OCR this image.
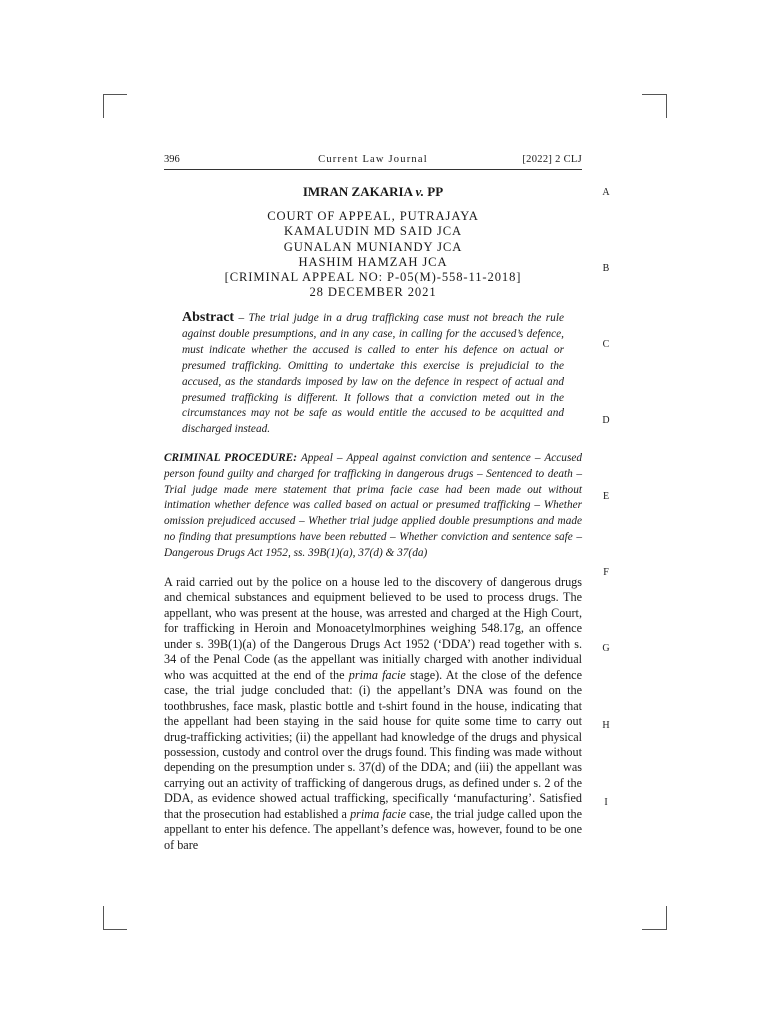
396	Current Law Journal	[2022] 2 CLJ
A
B
C
D
E
F
G
H
I
IMRAN ZAKARIA v. PP
COURT OF APPEAL, PUTRAJAYA
KAMALUDIN MD SAID JCA
GUNALAN MUNIANDY JCA
HASHIM HAMZAH JCA
[CRIMINAL APPEAL NO: P-05(M)-558-11-2018]
28 DECEMBER 2021
Abstract – The trial judge in a drug trafficking case must not breach the rule against double presumptions, and in any case, in calling for the accused’s defence, must indicate whether the accused is called to enter his defence on actual or presumed trafficking. Omitting to undertake this exercise is prejudicial to the accused, as the standards imposed by law on the defence in respect of actual and presumed trafficking is different. It follows that a conviction meted out in the circumstances may not be safe as would entitle the accused to be acquitted and discharged instead.
CRIMINAL PROCEDURE: Appeal – Appeal against conviction and sentence – Accused person found guilty and charged for trafficking in dangerous drugs – Sentenced to death – Trial judge made mere statement that prima facie case had been made out without intimation whether defence was called based on actual or presumed trafficking – Whether omission prejudiced accused – Whether trial judge applied double presumptions and made no finding that presumptions have been rebutted – Whether conviction and sentence safe – Dangerous Drugs Act 1952, ss. 39B(1)(a), 37(d) & 37(da)
A raid carried out by the police on a house led to the discovery of dangerous drugs and chemical substances and equipment believed to be used to process drugs. The appellant, who was present at the house, was arrested and charged at the High Court, for trafficking in Heroin and Monoacetylmorphines weighing 548.17g, an offence under s. 39B(1)(a) of the Dangerous Drugs Act 1952 (‘DDA’) read together with s. 34 of the Penal Code (as the appellant was initially charged with another individual who was acquitted at the end of the prima facie stage). At the close of the defence case, the trial judge concluded that: (i) the appellant’s DNA was found on the toothbrushes, face mask, plastic bottle and t-shirt found in the house, indicating that the appellant had been staying in the said house for quite some time to carry out drug-trafficking activities; (ii) the appellant had knowledge of the drugs and physical possession, custody and control over the drugs found. This finding was made without depending on the presumption under s. 37(d) of the DDA; and (iii) the appellant was carrying out an activity of trafficking of dangerous drugs, as defined under s. 2 of the DDA, as evidence showed actual trafficking, specifically ‘manufacturing’. Satisfied that the prosecution had established a prima facie case, the trial judge called upon the appellant to enter his defence. The appellant’s defence was, however, found to be one of bare
